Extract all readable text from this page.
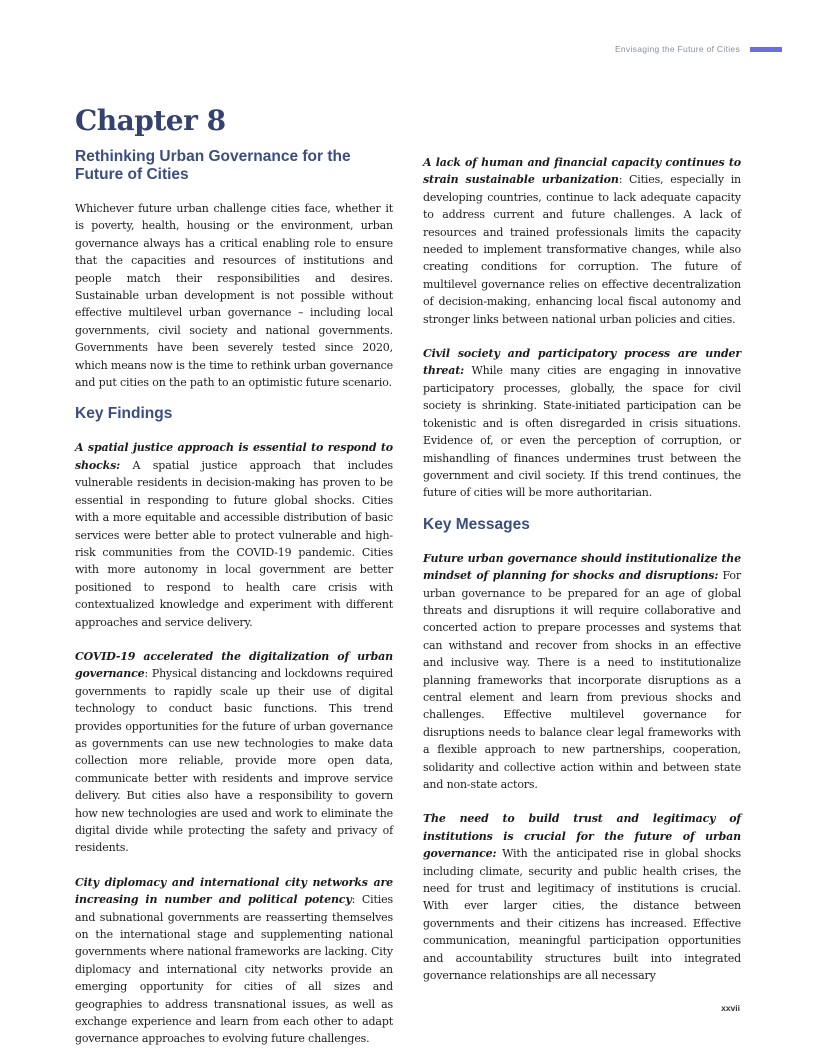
Envisaging the Future of Cities
Chapter 8
Rethinking Urban Governance for the Future of Cities

Whichever future urban challenge cities face, whether it is poverty, health, housing or the environment, urban governance always has a critical enabling role to ensure that the capacities and resources of institutions and people match their responsibilities and desires. Sustainable urban development is not possible without effective multilevel urban governance – including local governments, civil society and national governments. Governments have been severely tested since 2020, which means now is the time to rethink urban governance and put cities on the path to an optimistic future scenario.

Key Findings

A spatial justice approach is essential to respond to shocks: A spatial justice approach that includes vulnerable residents in decision-making has proven to be essential in responding to future global shocks. Cities with a more equitable and accessible distribution of basic services were better able to protect vulnerable and high-risk communities from the COVID-19 pandemic. Cities with more autonomy in local government are better positioned to respond to health care crisis with contextualized knowledge and experiment with different approaches and service delivery.

COVID-19 accelerated the digitalization of urban governance: Physical distancing and lockdowns required governments to rapidly scale up their use of digital technology to conduct basic functions. This trend provides opportunities for the future of urban governance as governments can use new technologies to make data collection more reliable, provide more open data, communicate better with residents and improve service delivery. But cities also have a responsibility to govern how new technologies are used and work to eliminate the digital divide while protecting the safety and privacy of residents.

City diplomacy and international city networks are increasing in number and political potency: Cities and subnational governments are reasserting themselves on the international stage and supplementing national governments where national frameworks are lacking. City diplomacy and international city networks provide an emerging opportunity for cities of all sizes and geographies to address transnational issues, as well as exchange experience and learn from each other to adapt governance approaches to evolving future challenges.

A lack of human and financial capacity continues to strain sustainable urbanization: Cities, especially in developing countries, continue to lack adequate capacity to address current and future challenges. A lack of resources and trained professionals limits the capacity needed to implement transformative changes, while also creating conditions for corruption. The future of multilevel governance relies on effective decentralization of decision-making, enhancing local fiscal autonomy and stronger links between national urban policies and cities.

Civil society and participatory process are under threat: While many cities are engaging in innovative participatory processes, globally, the space for civil society is shrinking. State-initiated participation can be tokenistic and is often disregarded in crisis situations. Evidence of, or even the perception of corruption, or mishandling of finances undermines trust between the government and civil society. If this trend continues, the future of cities will be more authoritarian.

Key Messages

Future urban governance should institutionalize the mindset of planning for shocks and disruptions: For urban governance to be prepared for an age of global threats and disruptions it will require collaborative and concerted action to prepare processes and systems that can withstand and recover from shocks in an effective and inclusive way. There is a need to institutionalize planning frameworks that incorporate disruptions as a central element and learn from previous shocks and challenges. Effective multilevel governance for disruptions needs to balance clear legal frameworks with a flexible approach to new partnerships, cooperation, solidarity and collective action within and between state and non-state actors.

The need to build trust and legitimacy of institutions is crucial for the future of urban governance: With the anticipated rise in global shocks including climate, security and public health crises, the need for trust and legitimacy of institutions is crucial. With ever larger cities, the distance between governments and their citizens has increased. Effective communication, meaningful participation opportunities and accountability structures built into integrated governance relationships are all necessary

xxvii
